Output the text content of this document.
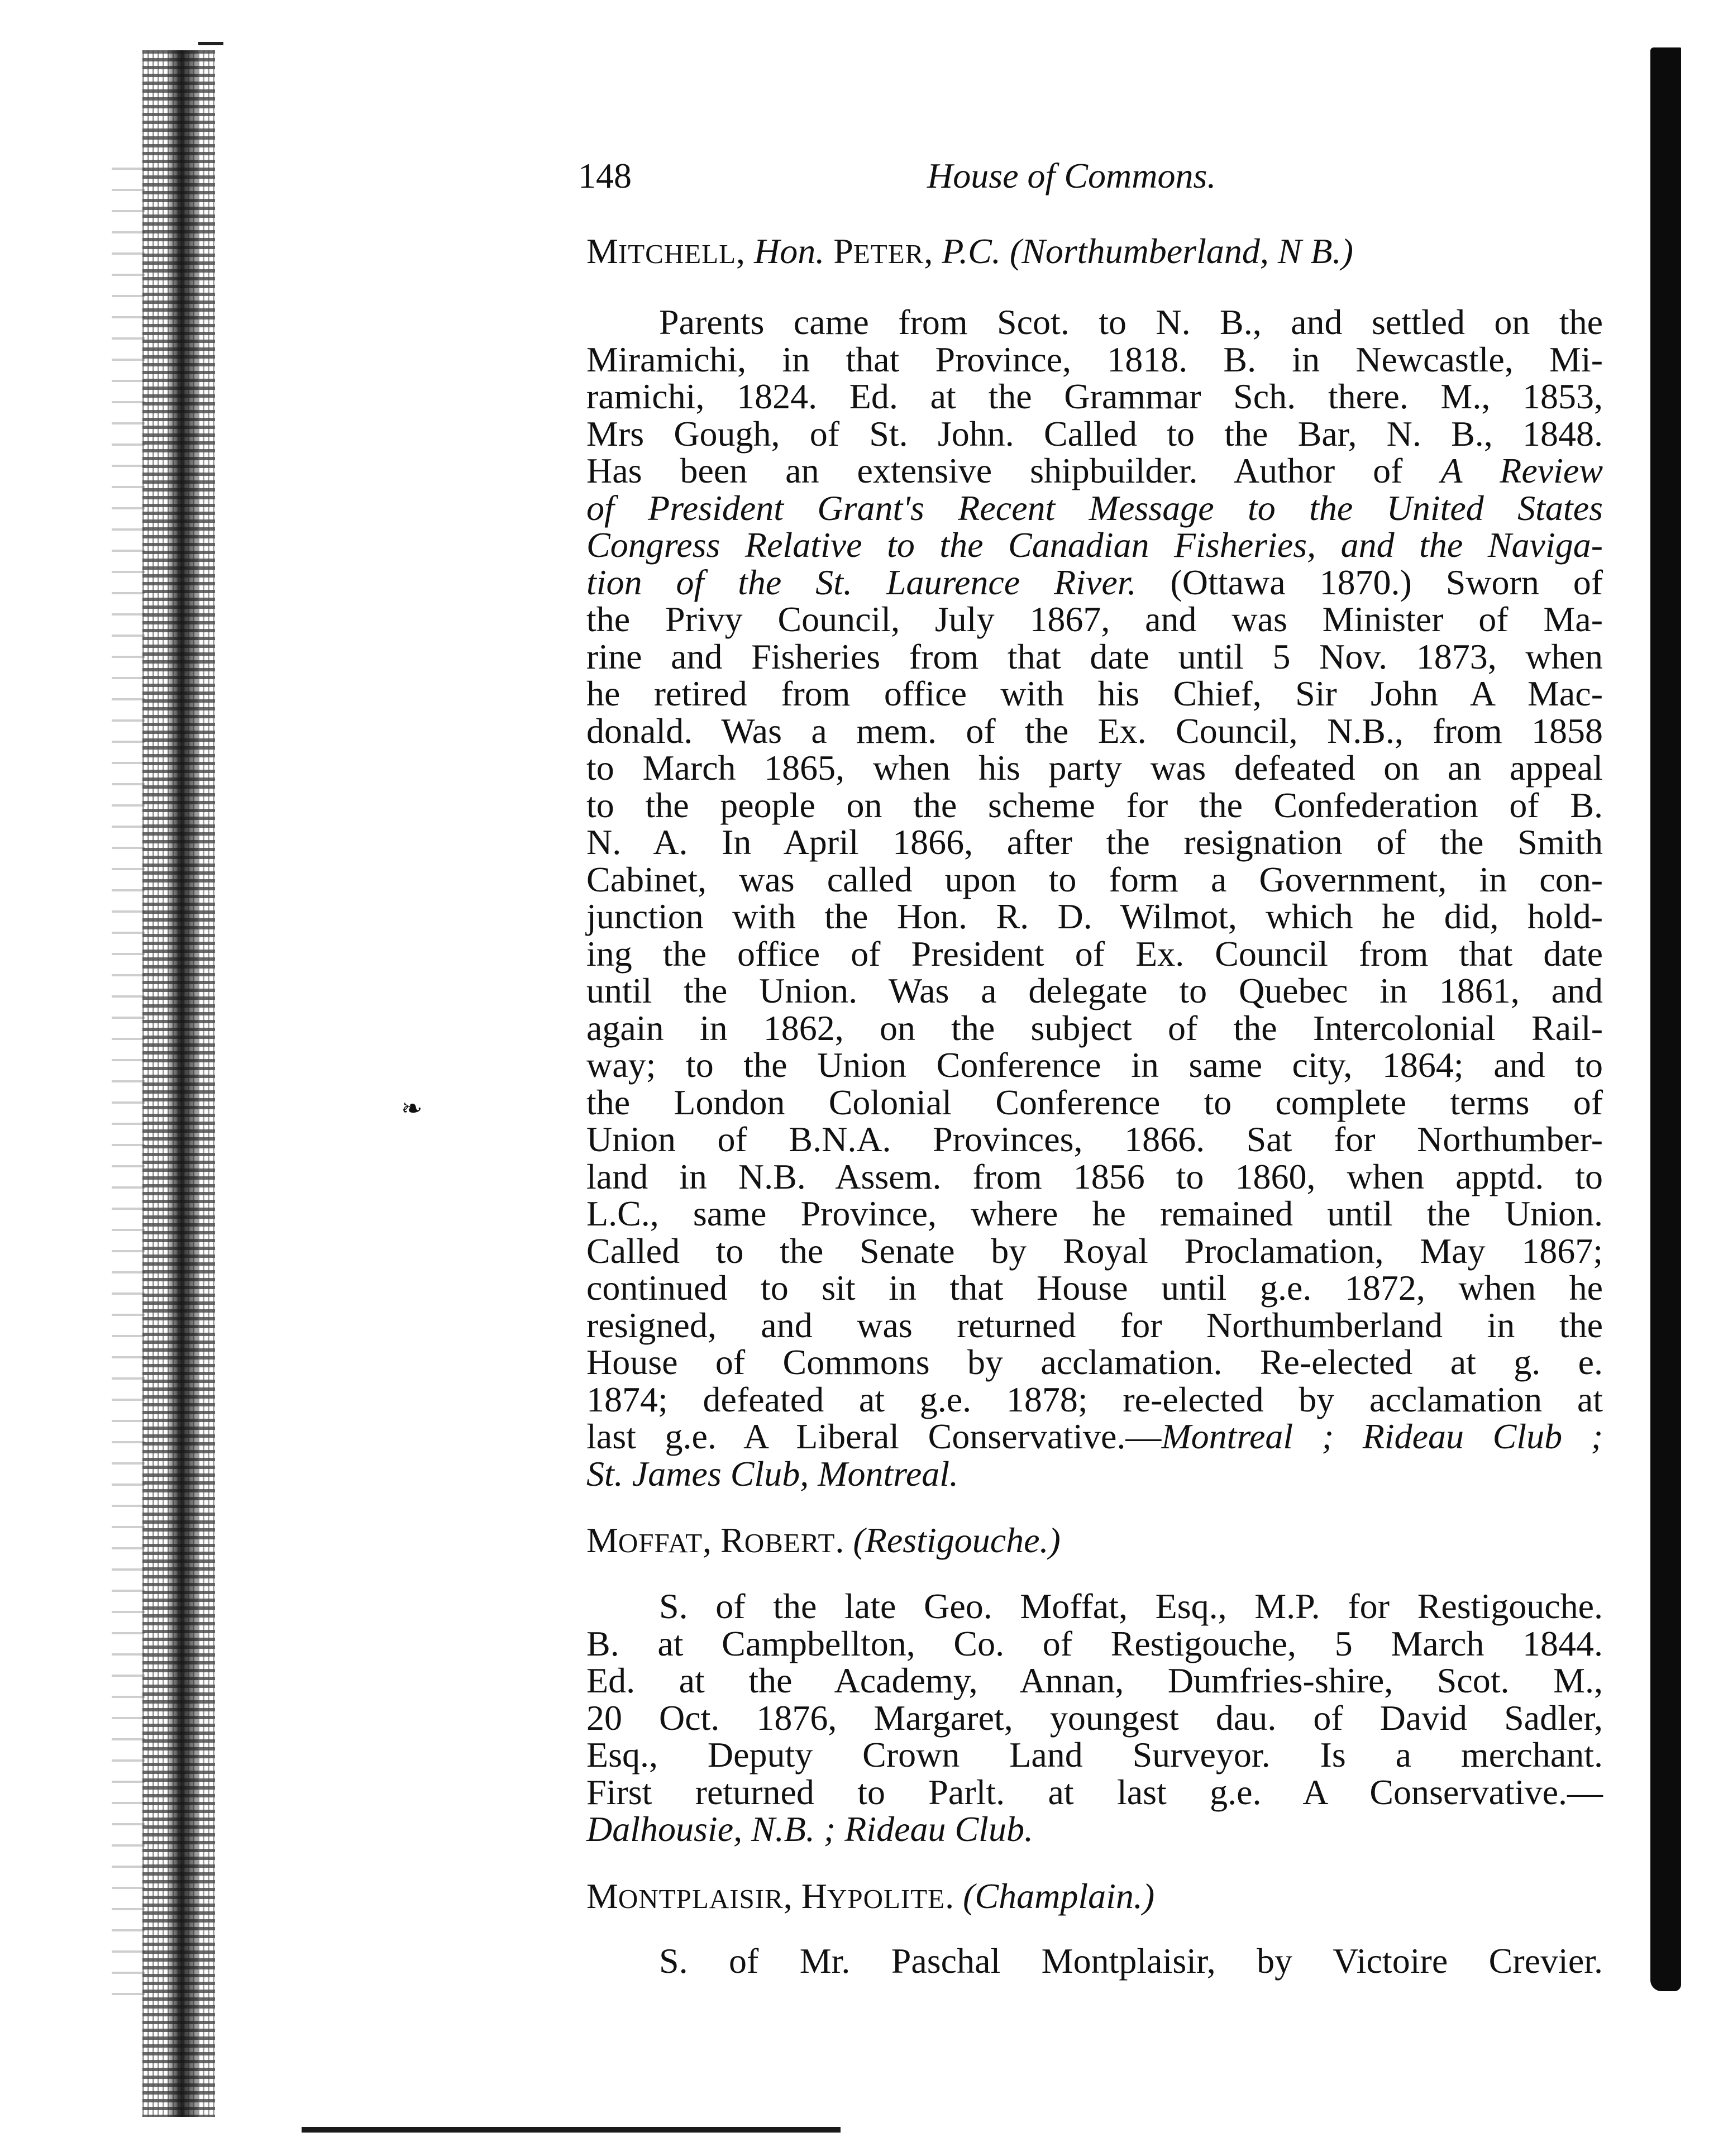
❧
148	House of Commons.
MITCHELL, Hon. PETER, P.C. (Northumberland, N B.)
Parents came from Scot. to N. B., and settled on the
Miramichi, in that Province, 1818. B. in Newcastle, Mi-
ramichi, 1824. Ed. at the Grammar Sch. there. M., 1853,
Mrs Gough, of St. John. Called to the Bar, N. B., 1848.
Has been an extensive shipbuilder. Author of A Review
of President Grant's Recent Message to the United States
Congress Relative to the Canadian Fisheries, and the Naviga-
tion of the St. Laurence River. (Ottawa 1870.) Sworn of
the Privy Council, July 1867, and was Minister of Ma-
rine and Fisheries from that date until 5 Nov. 1873, when
he retired from office with his Chief, Sir John A Mac-
donald. Was a mem. of the Ex. Council, N.B., from 1858
to March 1865, when his party was defeated on an appeal
to the people on the scheme for the Confederation of B.
N. A. In April 1866, after the resignation of the Smith
Cabinet, was called upon to form a Government, in con-
junction with the Hon. R. D. Wilmot, which he did, hold-
ing the office of President of Ex. Council from that date
until the Union. Was a delegate to Quebec in 1861, and
again in 1862, on the subject of the Intercolonial Rail-
way; to the Union Conference in same city, 1864; and to
the London Colonial Conference to complete terms of
Union of B.N.A. Provinces, 1866. Sat for Northumber-
land in N.B. Assem. from 1856 to 1860, when apptd. to
L.C., same Province, where he remained until the Union.
Called to the Senate by Royal Proclamation, May 1867;
continued to sit in that House until g.e. 1872, when he
resigned, and was returned for Northumberland in the
House of Commons by acclamation. Re-elected at g. e.
1874; defeated at g.e. 1878; re-elected by acclamation at
last g.e. A Liberal Conservative.—Montreal ; Rideau Club ;
St. James Club, Montreal.
MOFFAT, ROBERT. (Restigouche.)
S. of the late Geo. Moffat, Esq., M.P. for Restigouche.
B. at Campbellton, Co. of Restigouche, 5 March 1844.
Ed. at the Academy, Annan, Dumfries-shire, Scot. M.,
20 Oct. 1876, Margaret, youngest dau. of David Sadler,
Esq., Deputy Crown Land Surveyor. Is a merchant.
First returned to Parlt. at last g.e. A Conservative.—
Dalhousie, N.B. ; Rideau Club.
MONTPLAISIR, HYPOLITE. (Champlain.)
S. of Mr. Paschal Montplaisir, by Victoire Crevier.
